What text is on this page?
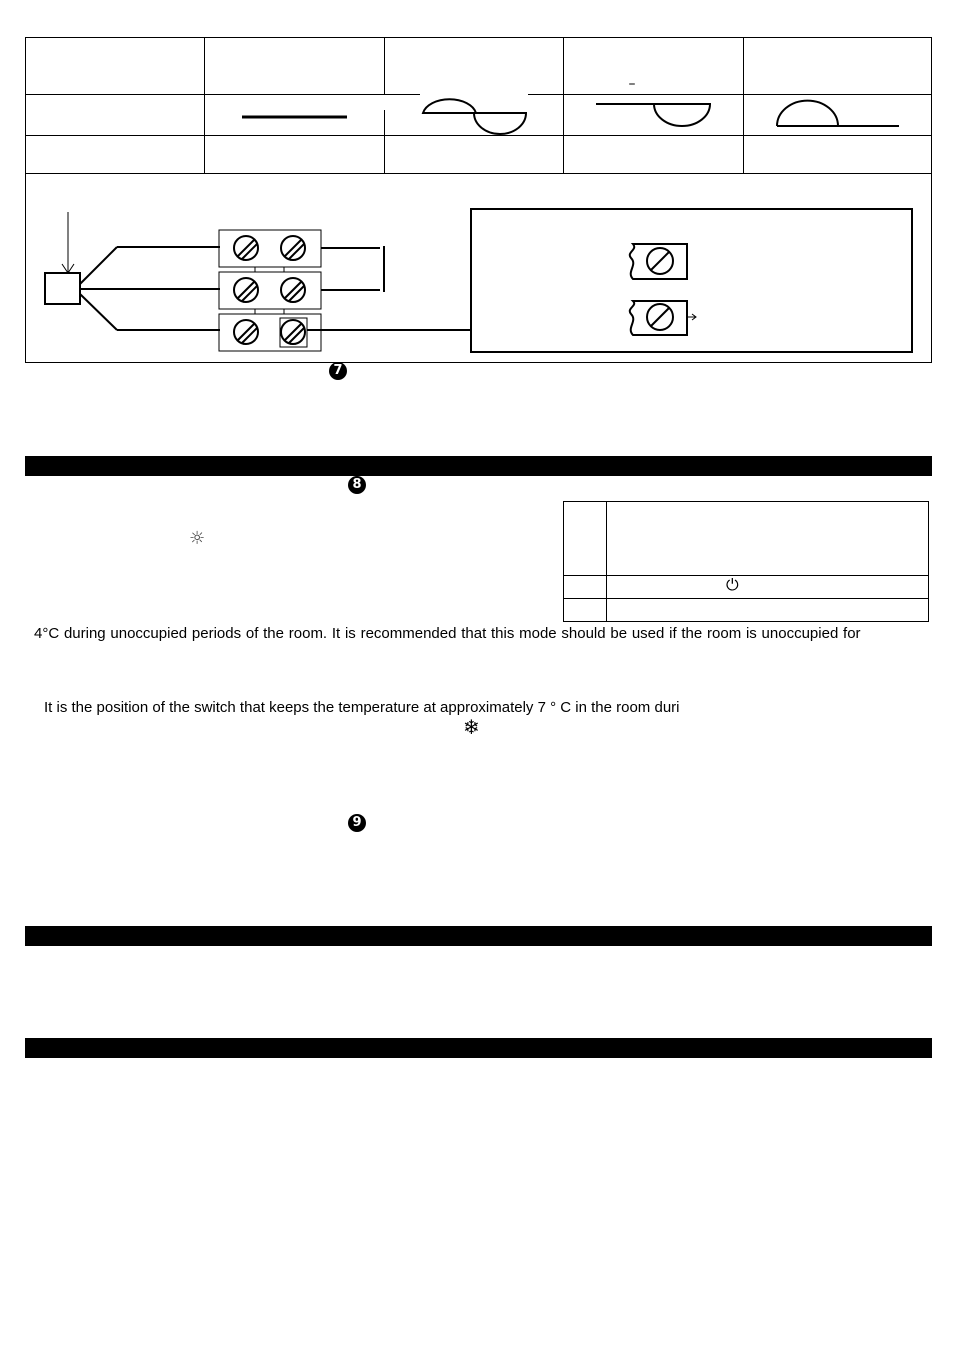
–
7
8
☼
⏻
4°C during unoccupied periods of the room. It is recommended that this mode should be used if the room is unoccupied for
It is the position of the switch that keeps the temperature at approximately 7 ° C in the room duri
❄
9
